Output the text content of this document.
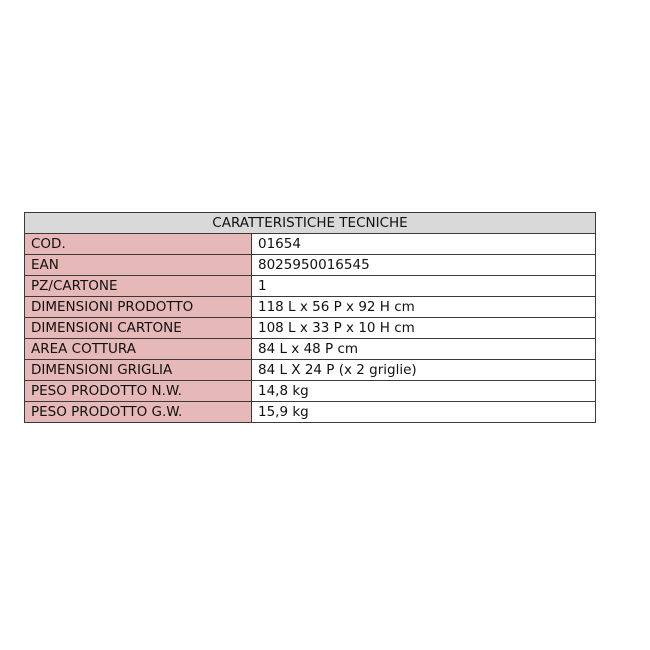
CARATTERISTICHE TECNICHE	
COD.	01654
EAN	8025950016545
PZ/CARTONE	1
DIMENSIONI PRODOTTO	118 L x 56 P x 92 H cm
DIMENSIONI CARTONE	108 L x 33 P x 10 H cm
AREA COTTURA	84 L x 48 P cm
DIMENSIONI GRIGLIA	84 L X 24 P (x 2 griglie)
PESO PRODOTTO N.W.	14,8 kg
PESO PRODOTTO G.W.	15,9 kg
